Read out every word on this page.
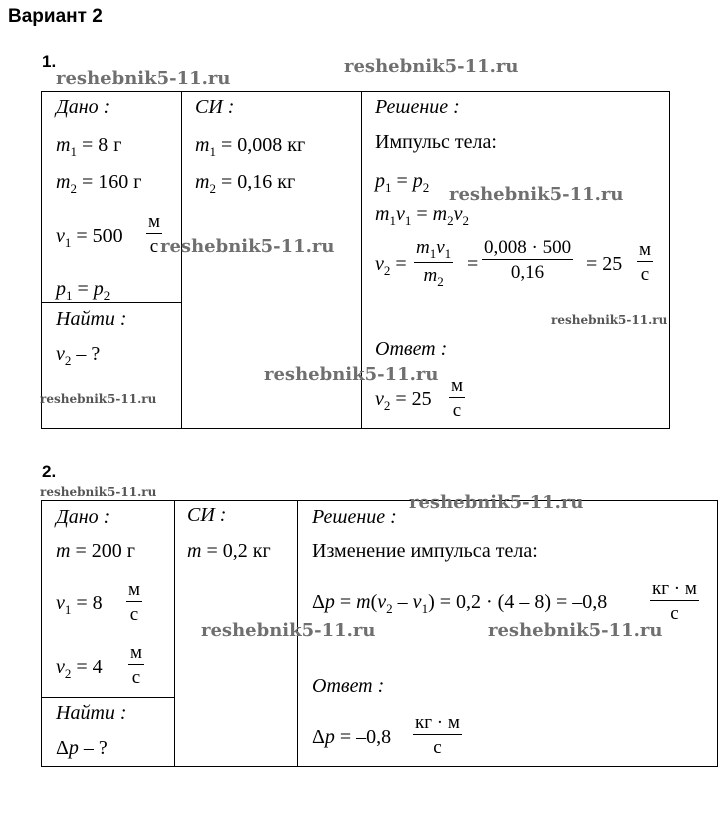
Вариант 2
1.
Дано :
$m_1 = 8$ г
$m_2 = 160$ г
$v_1 = 500$
м
с
$p_1 = p_2$
Найти :
$v_2$ – ?
СИ :
$m_1 = 0,008$ кг
$m_2 = 0,16$ кг
Решение :
Импульс тела:
$p_1 = p_2$
$m_1v_1 = m_2v_2$
$v_2 = \frac{m_1v_1}{m_2} = \frac{0,008 \cdot 500}{0,16} = 25$
м
с
Ответ :
$v_2 = 25$
м
с
2.
Дано :
m = 200 г
$v_1 = 8$
м
с
$v_2 = 4$
м
с
Найти :
Δp – ?
СИ :
m = 0,2 кг
Решение :
Изменение импульса тела:
$\Delta p = m(v_2 - v_1) = 0,2 \cdot (4 - 8) = -0,8$
кг · м
с
Ответ :
Δp = –0,8
кг · м
с
reshebnik5-11.ru
reshebnik5-11.ru
reshebnik5-11.ru
reshebnik5-11.ru
reshebnik5-11.ru
reshebnik5-11.ru
reshebnik5-11.ru
reshebnik5-11.ru	reshebnik5-11.ru
reshebnik5-11.ru	reshebnik5-11.ru
